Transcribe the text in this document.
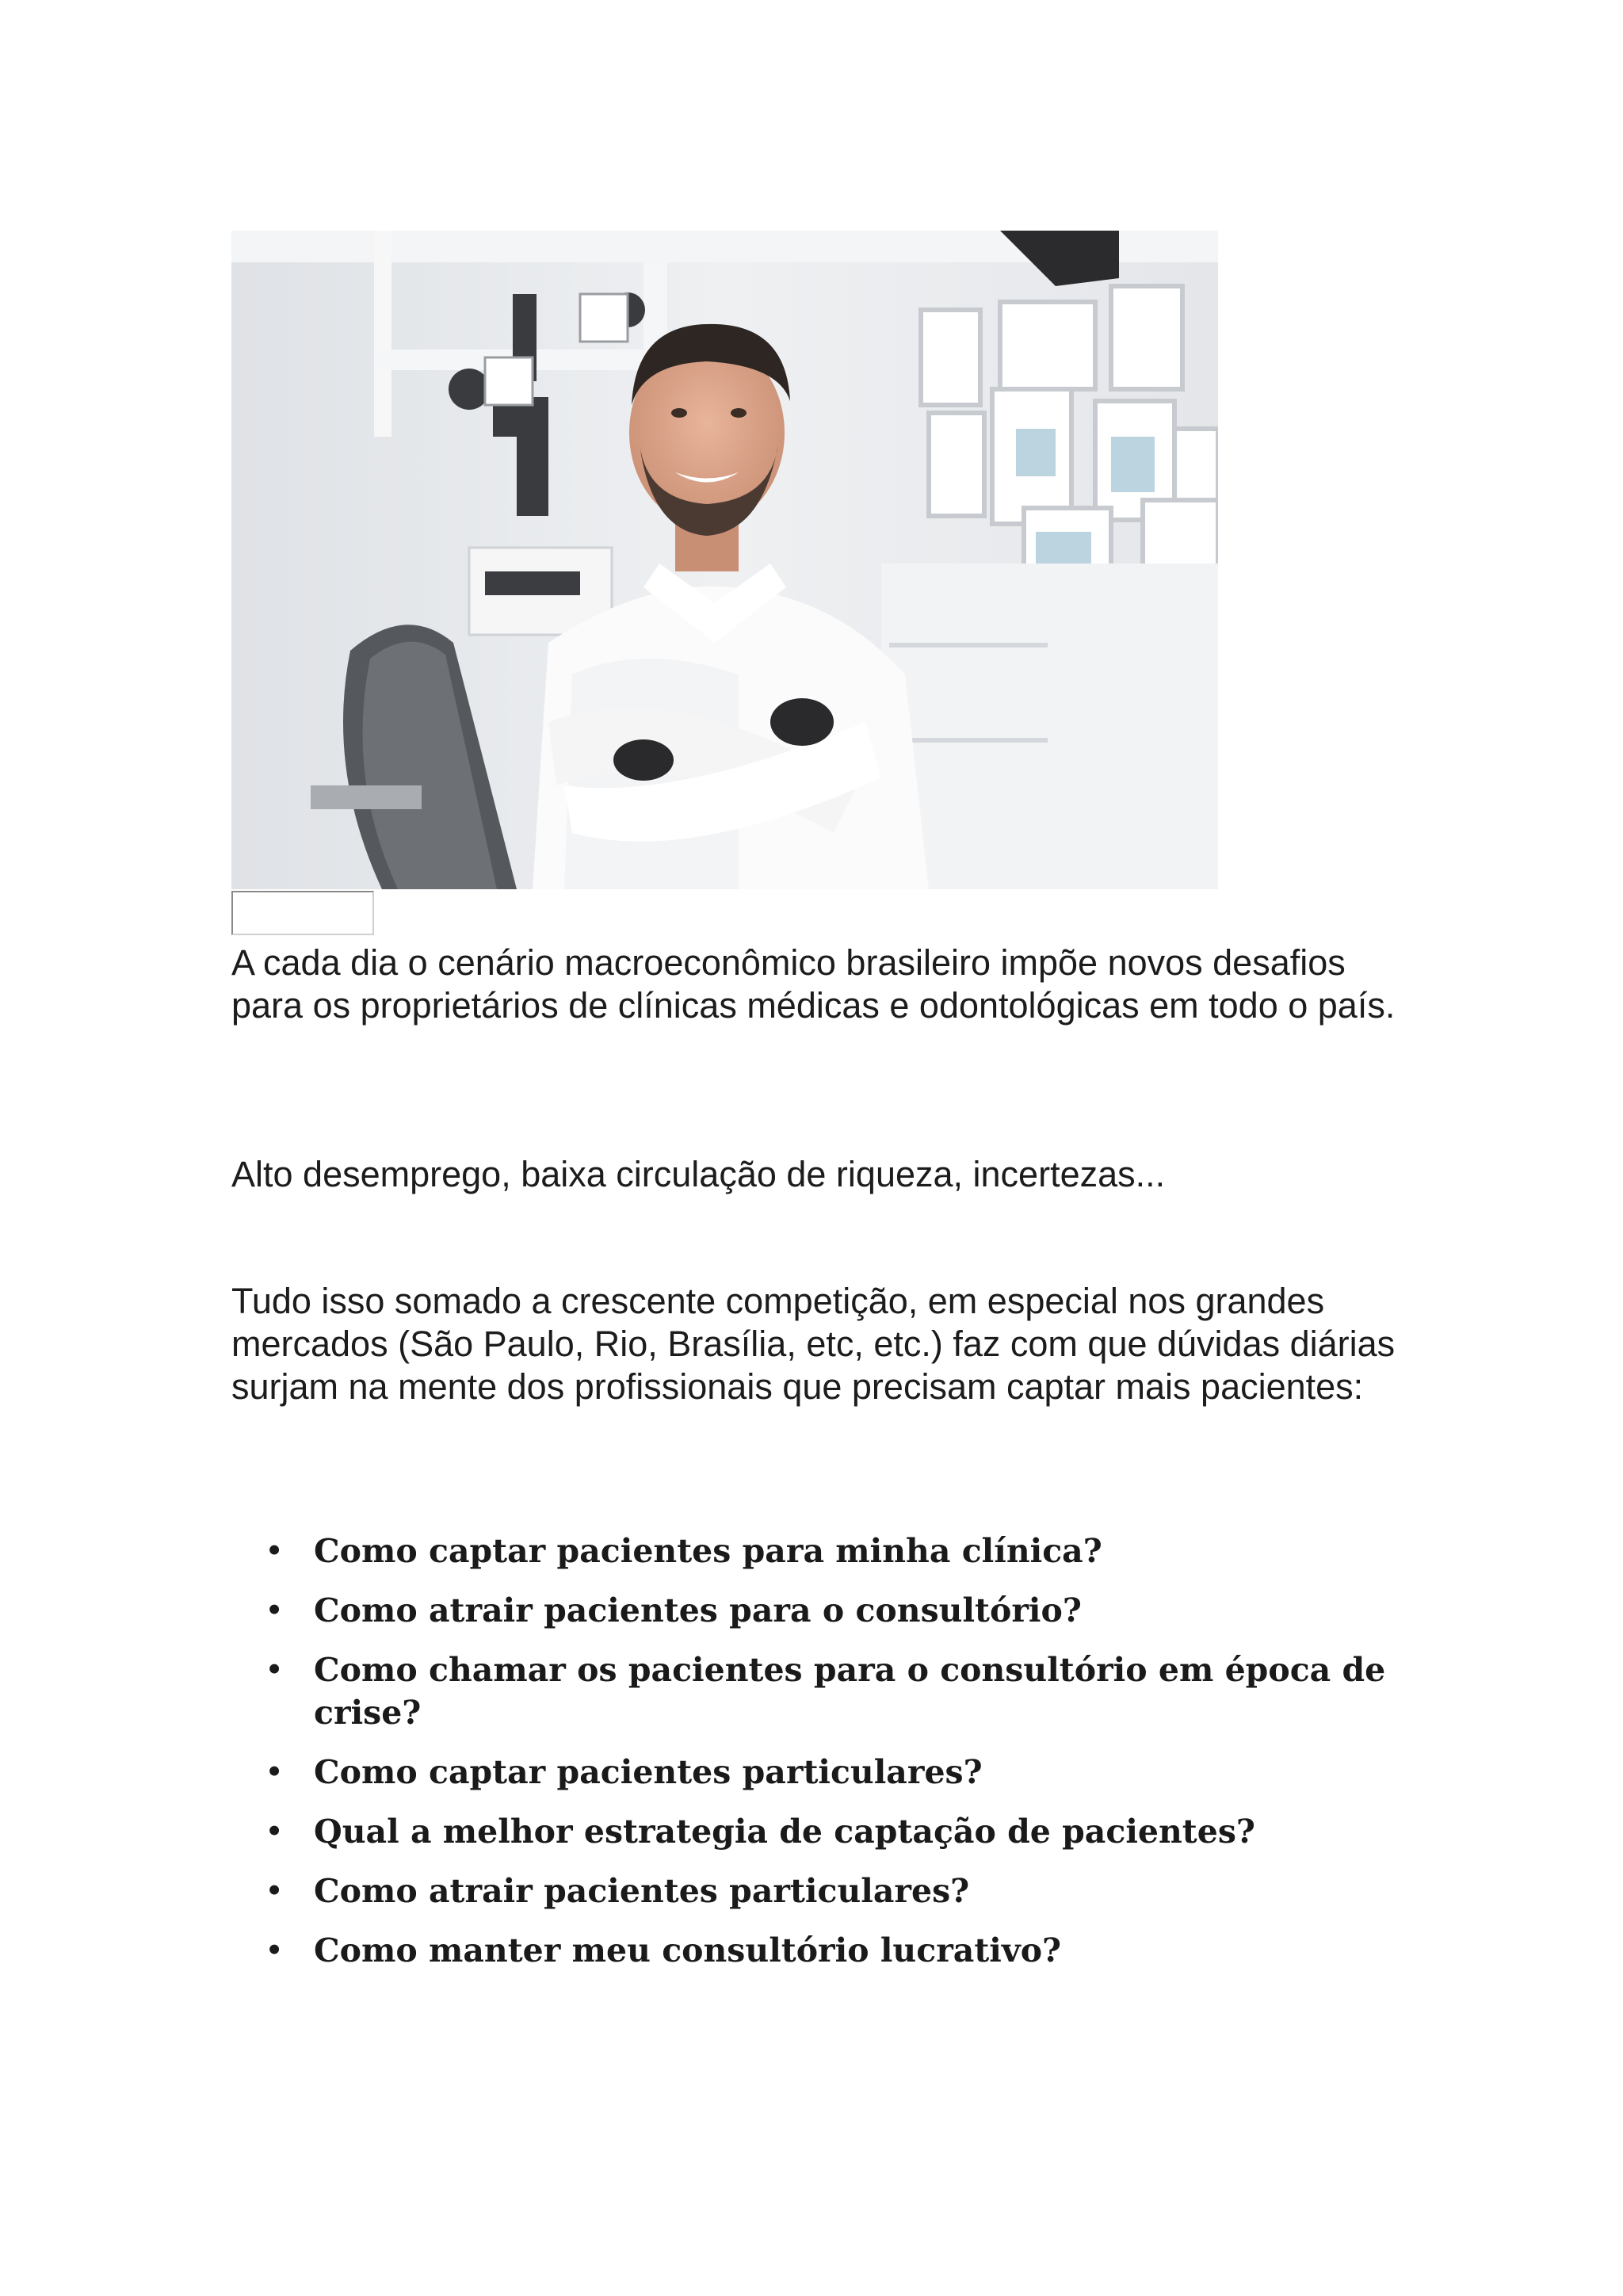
A cada dia o cenário macroeconômico brasileiro impõe novos desafios para os proprietários de clínicas médicas e odontológicas em todo o país.

Alto desemprego, baixa circulação de riqueza, incertezas...

Tudo isso somado a crescente competição, em especial nos grandes mercados (São Paulo, Rio, Brasília, etc, etc.) faz com que dúvidas diárias surjam na mente dos profissionais que precisam captar mais pacientes:

• Como captar pacientes para minha clínica?
• Como atrair pacientes para o consultório?
• Como chamar os pacientes para o consultório em época de crise?
• Como captar pacientes particulares?
• Qual a melhor estrategia de captação de pacientes?
• Como atrair pacientes particulares?
• Como manter meu consultório lucrativo?
